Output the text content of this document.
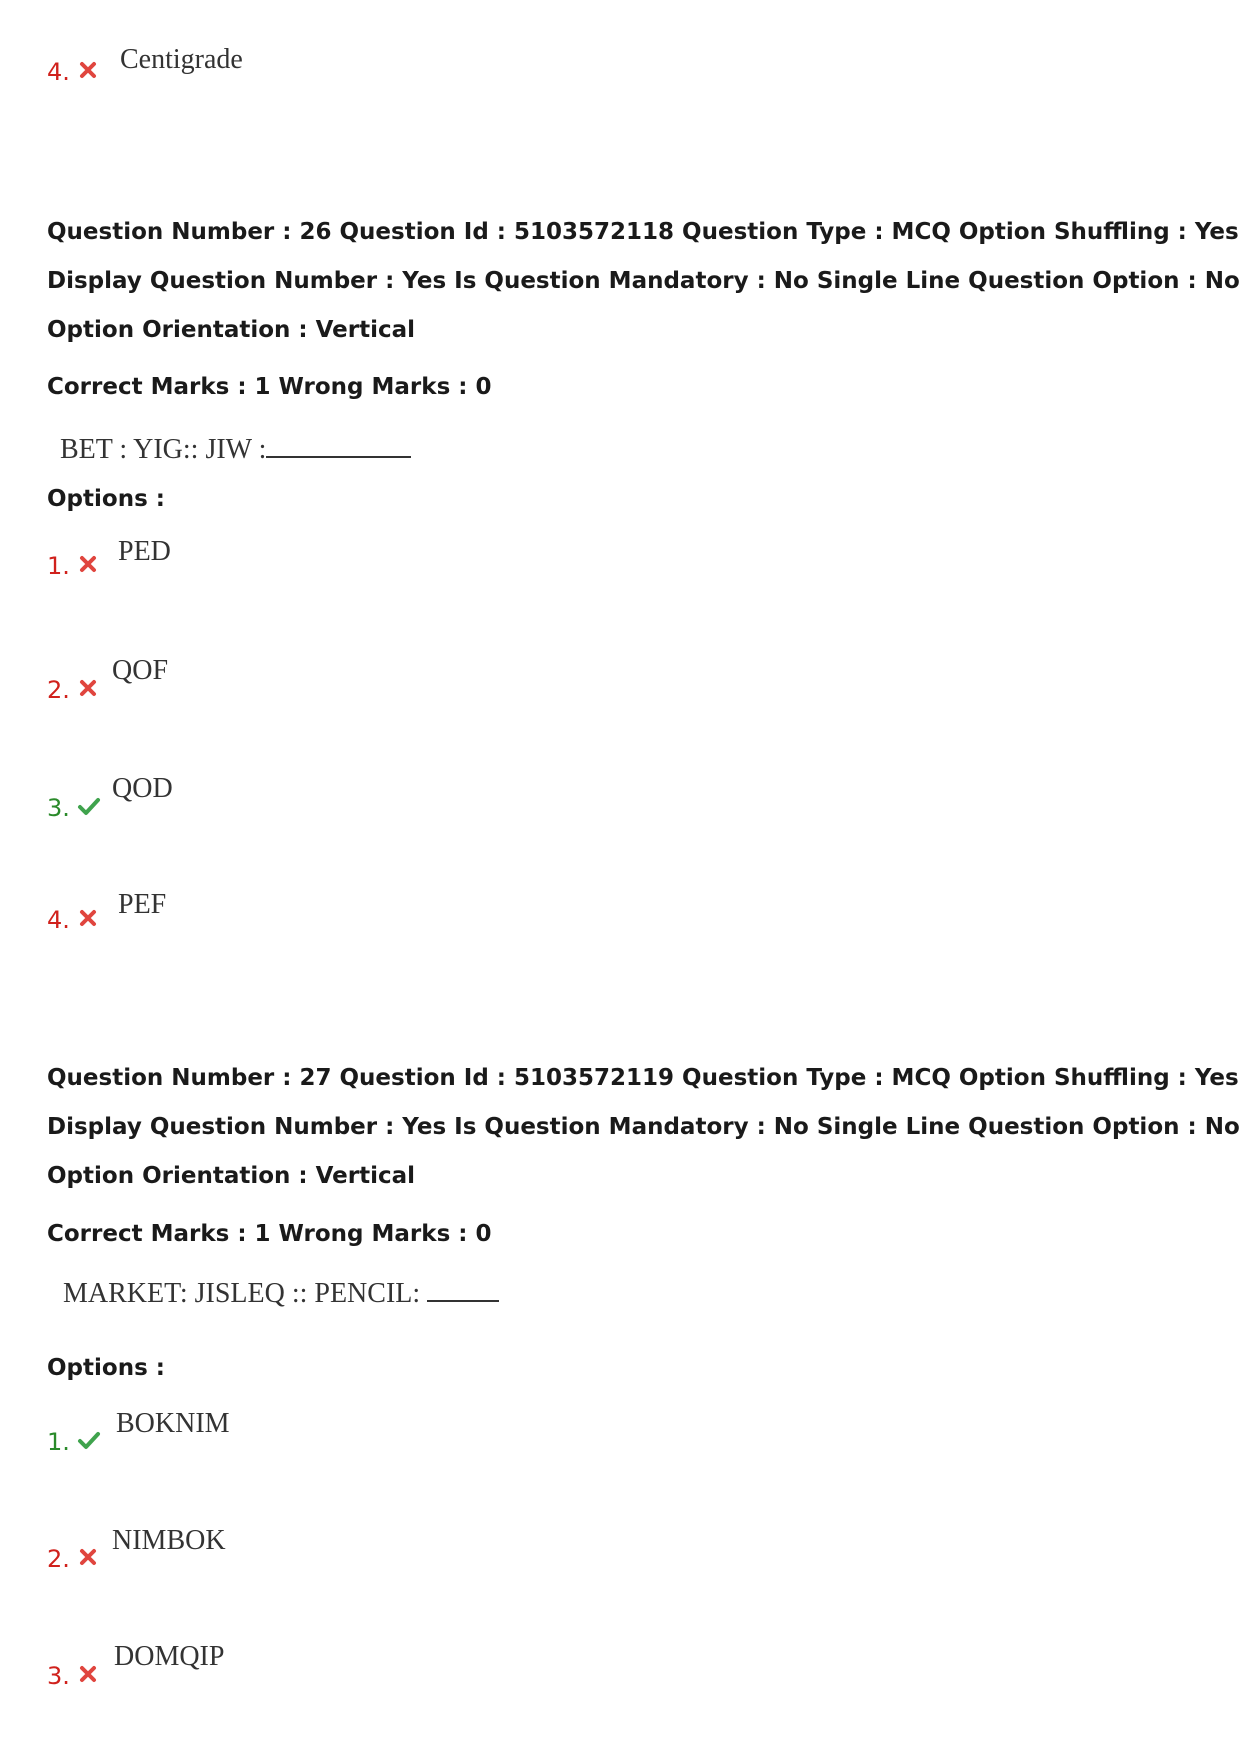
4. Centigrade
Question Number : 26 Question Id : 5103572118 Question Type : MCQ Option Shuffling : Yes
Display Question Number : Yes Is Question Mandatory : No Single Line Question Option : No
Option Orientation : Vertical
Correct Marks : 1 Wrong Marks : 0
BET : YIG:: JIW :
Options :
1. PED
2.
QOF
3.
QOD
4. PEF
Question Number : 27 Question Id : 5103572119 Question Type : MCQ Option Shuffling : Yes
Display Question Number : Yes Is Question Mandatory : No Single Line Question Option : No
Option Orientation : Vertical
Correct Marks : 1 Wrong Marks : 0
MARKET: JISLEQ :: PENCIL:
Options :
1.
BOKNIM
2.
NIMBOK
3.
DOMQIP
